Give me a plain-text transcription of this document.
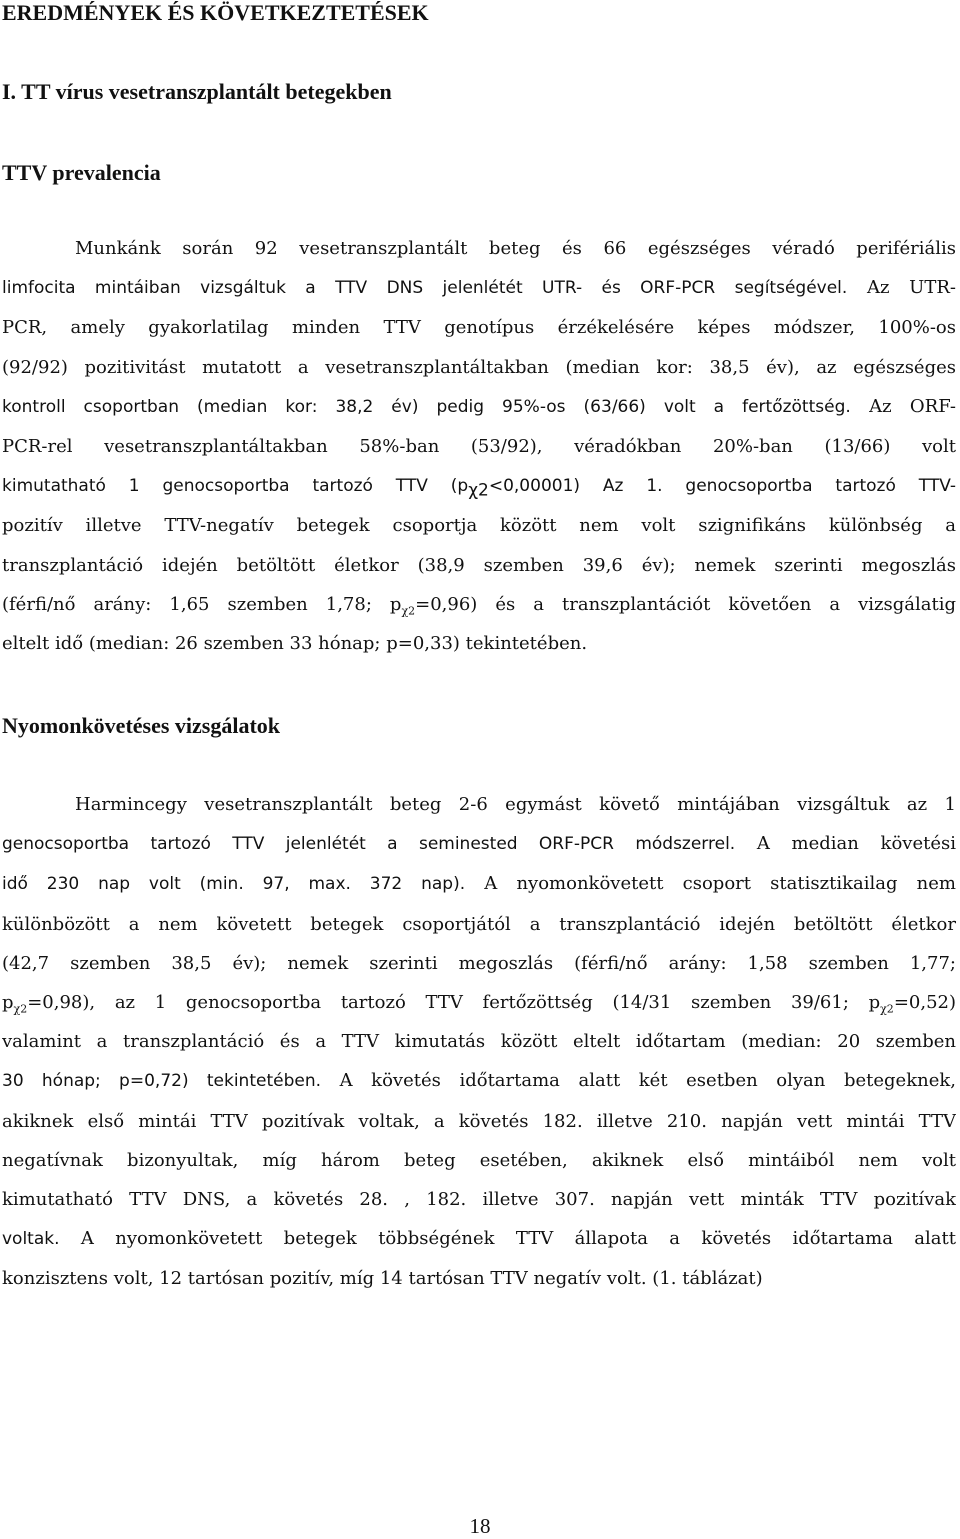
EREDMÉNYEK ÉS KÖVETKEZTETÉSEK
I. TT vírus vesetranszplantált betegekben
TTV prevalencia
Munkánk során 92 vesetranszplantált beteg és 66 egészséges véradó perifériális
limfocita mintáiban vizsgáltuk a TTV DNS jelenlétét UTR- és ORF-PCR segítségével. Az UTR-
PCR, amely gyakorlatilag minden TTV genotípus érzékelésére képes módszer, 100%-os
(92/92) pozitivitást mutatott a vesetranszplantáltakban (median kor: 38,5 év), az egészséges
kontroll csoportban (median kor: 38,2 év) pedig 95%-os (63/66) volt a fertőzöttség. Az ORF-
PCR-rel vesetranszplantáltakban 58%-ban (53/92), véradókban 20%-ban (13/66) volt
kimutatható 1 genocsoportba tartozó TTV $(p_{\chi 2}<0,00001)$ Az 1. genocsoportba tartozó TTV-
pozitív illetve TTV-negatív betegek csoportja között nem volt szignifikáns különbség a
transzplantáció idején betöltött életkor (38,9 szemben 39,6 év); nemek szerinti megoszlás
(férfi/nő arány: 1,65 szemben 1,78; $p_{\chi 2}=0,96$) és a transzplantációt követően a vizsgálatig
eltelt idő (median: 26 szemben 33 hónap; p=0,33) tekintetében.
Nyomonkövetéses vizsgálatok
Harmincegy vesetranszplantált beteg 2-6 egymást követő mintájában vizsgáltuk az 1
genocsoportba tartozó TTV jelenlétét a seminested ORF-PCR módszerrel. A median követési
idő 230 nap volt (min. 97, max. 372 nap). A nyomonkövetett csoport statisztikailag nem
különbözött a nem követett betegek csoportjától a transzplantáció idején betöltött életkor
(42,7 szemben 38,5 év); nemek szerinti megoszlás (férfi/nő arány: 1,58 szemben 1,77;
$p_{\chi 2}=0,98$), az 1 genocsoportba tartozó TTV fertőzöttség (14/31 szemben 39/61; $p_{\chi 2}=0,52$)
valamint a transzplantáció és a TTV kimutatás között eltelt időtartam (median: 20 szemben
30 hónap; p=0,72) tekintetében. A követés időtartama alatt két esetben olyan betegeknek,
akiknek első mintái TTV pozitívak voltak, a követés 182. illetve 210. napján vett mintái TTV
negatívnak bizonyultak, míg három beteg esetében, akiknek első mintáiból nem volt
kimutatható TTV DNS, a követés 28. , 182. illetve 307. napján vett minták TTV pozitívak
voltak. A nyomonkövetett betegek többségének TTV állapota a követés időtartama alatt
konzisztens volt, 12 tartósan pozitív, míg 14 tartósan TTV negatív volt. (1. táblázat)
18
